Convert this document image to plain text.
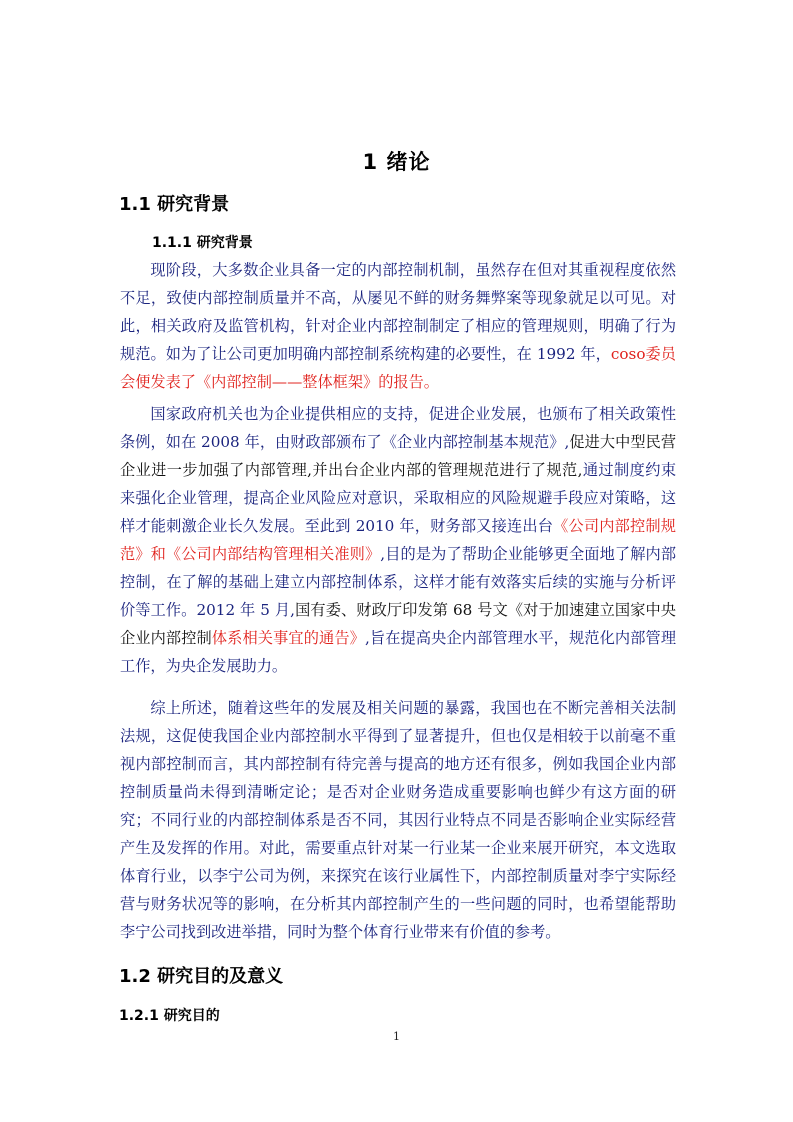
1 绪论
1.1 研究背景
1.1.1 研究背景

现阶段，大多数企业具备一定的内部控制机制，虽然存在但对其重视程度依然不足，致使内部控制质量并不高，从屡见不鲜的财务舞弊案等现象就足以可见。对此，相关政府及监管机构，针对企业内部控制制定了相应的管理规则，明确了行为规范。如为了让公司更加明确内部控制系统构建的必要性，在 1992 年，coso委员会便发表了《内部控制——整体框架》的报告。

国家政府机关也为企业提供相应的支持，促进企业发展，也颁布了相关政策性条例，如在 2008 年，由财政部颁布了《企业内部控制基本规范》,促进大中型民营企业进一步加强了内部管理,并出台企业内部的管理规范进行了规范,通过制度约束来强化企业管理，提高企业风险应对意识，采取相应的风险规避手段应对策略，这样才能刺激企业长久发展。至此到 2010 年，财务部又接连出台《公司内部控制规范》和《公司内部结构管理相关准则》,目的是为了帮助企业能够更全面地了解内部控制，在了解的基础上建立内部控制体系，这样才能有效落实后续的实施与分析评价等工作。2012 年 5 月,国有委、财政厅印发第 68 号文《对于加速建立国家中央企业内部控制体系相关事宜的通告》,旨在提高央企内部管理水平，规范化内部管理工作，为央企发展助力。

综上所述，随着这些年的发展及相关问题的暴露，我国也在不断完善相关法制法规，这促使我国企业内部控制水平得到了显著提升，但也仅是相较于以前毫不重视内部控制而言，其内部控制有待完善与提高的地方还有很多，例如我国企业内部控制质量尚未得到清晰定论；是否对企业财务造成重要影响也鲜少有这方面的研究；不同行业的内部控制体系是否不同，其因行业特点不同是否影响企业实际经营产生及发挥的作用。对此，需要重点针对某一行业某一企业来展开研究，本文选取体育行业，以李宁公司为例，来探究在该行业属性下，内部控制质量对李宁实际经营与财务状况等的影响，在分析其内部控制产生的一些问题的同时，也希望能帮助李宁公司找到改进举措，同时为整个体育行业带来有价值的参考。

1.2 研究目的及意义
1.2.1 研究目的
1
